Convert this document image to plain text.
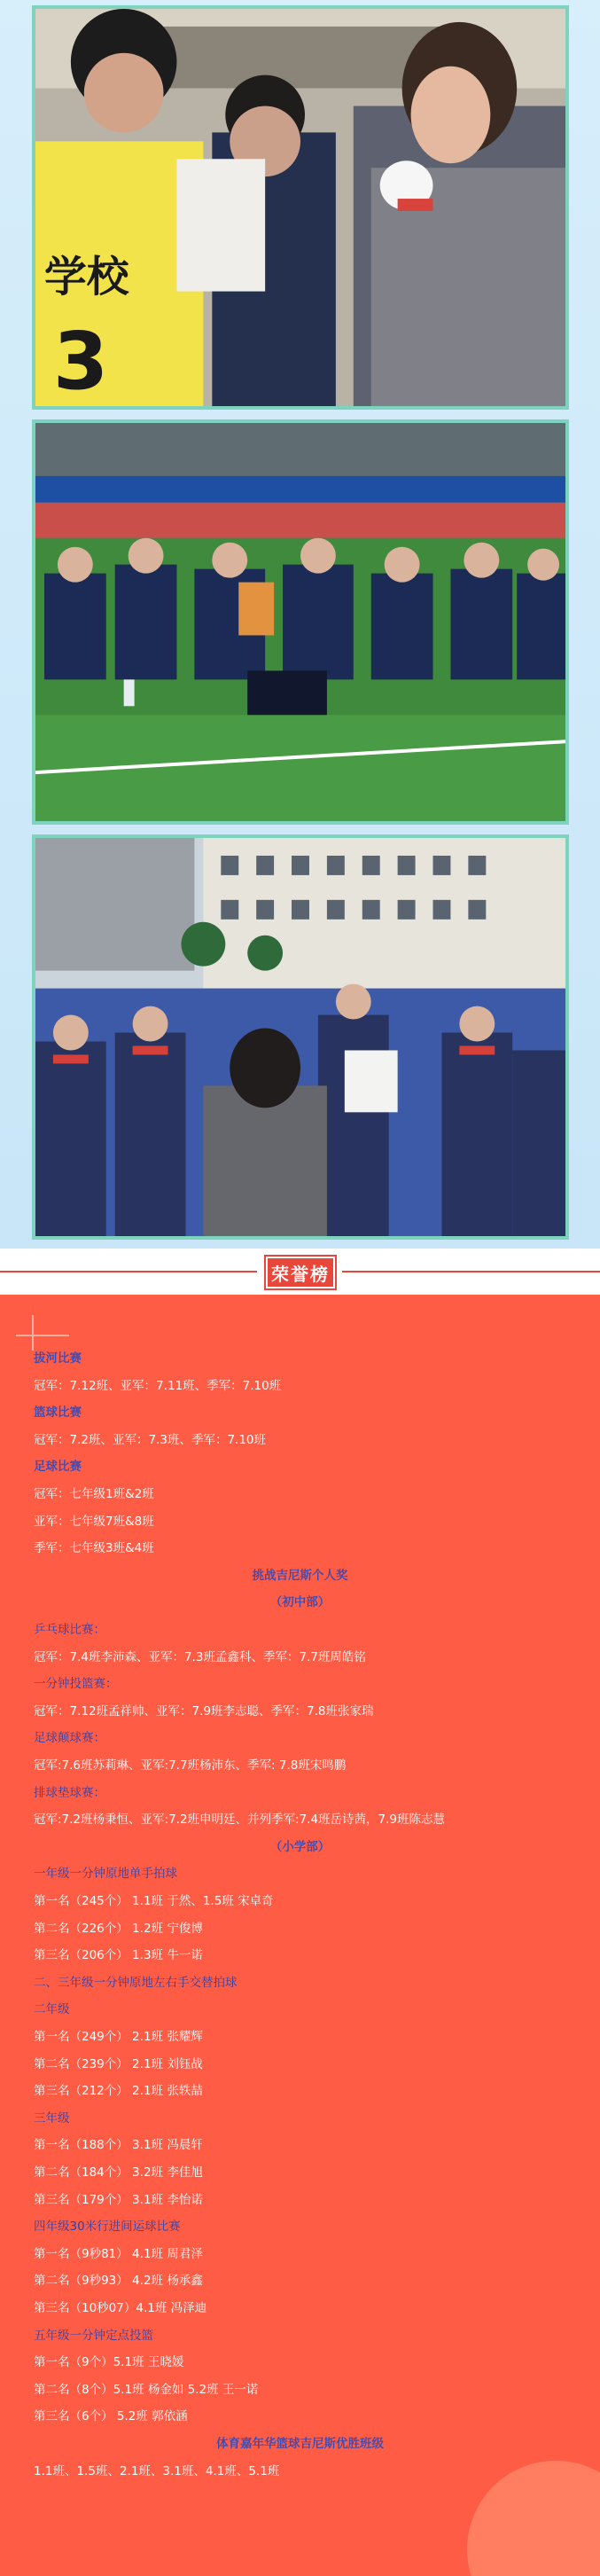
学校
3
荣誉榜
拔河比赛
冠军：7.12班、亚军：7.11班、季军：7.10班
篮球比赛
冠军：7.2班、亚军：7.3班、季军：7.10班
足球比赛
冠军：七年级1班&2班
亚军：七年级7班&8班
季军：七年级3班&4班
挑战吉尼斯个人奖
（初中部）
乒乓球比赛：
冠军：7.4班李沛森、亚军：7.3班孟鑫科、季军：7.7班周皓铭
一分钟投篮赛：
冠军：7.12班孟祥帅、亚军：7.9班李志聪、季军：7.8班张家瑞
足球颠球赛：
冠军:7.6班苏莉琳、亚军:7.7班杨沛东、季军: 7.8班宋鸣鹏
排球垫球赛：
冠军:7.2班杨秉恒、亚军:7.2班申明廷、并列季军:7.4班岳诗茜，7.9班陈志慧
（小学部）
一年级一分钟原地单手拍球
第一名（245个） 1.1班 于然、1.5班 宋卓奇
第二名（226个） 1.2班 宁俊博
第三名（206个） 1.3班 牛一诺
二、三年级一分钟原地左右手交替拍球
二年级
第一名（249个） 2.1班 张耀辉
第二名（239个） 2.1班 刘钰战
第三名（212个） 2.1班 张轶喆
三年级
第一名（188个） 3.1班 冯晨轩
第二名（184个） 3.2班 李佳旭
第三名（179个） 3.1班 李怡诺
四年级30米行进间运球比赛
第一名（9秒81） 4.1班 周君泽
第二名（9秒93） 4.2班 杨承鑫
第三名（10秒07）4.1班 冯泽迪
五年级一分钟定点投篮
第一名（9个）5.1班 王晓媛
第二名（8个）5.1班 杨金如 5.2班 王一诺
第三名（6个） 5.2班 郭依涵
体育嘉年华篮球吉尼斯优胜班级
1.1班、1.5班、2.1班、3.1班、4.1班、5.1班
